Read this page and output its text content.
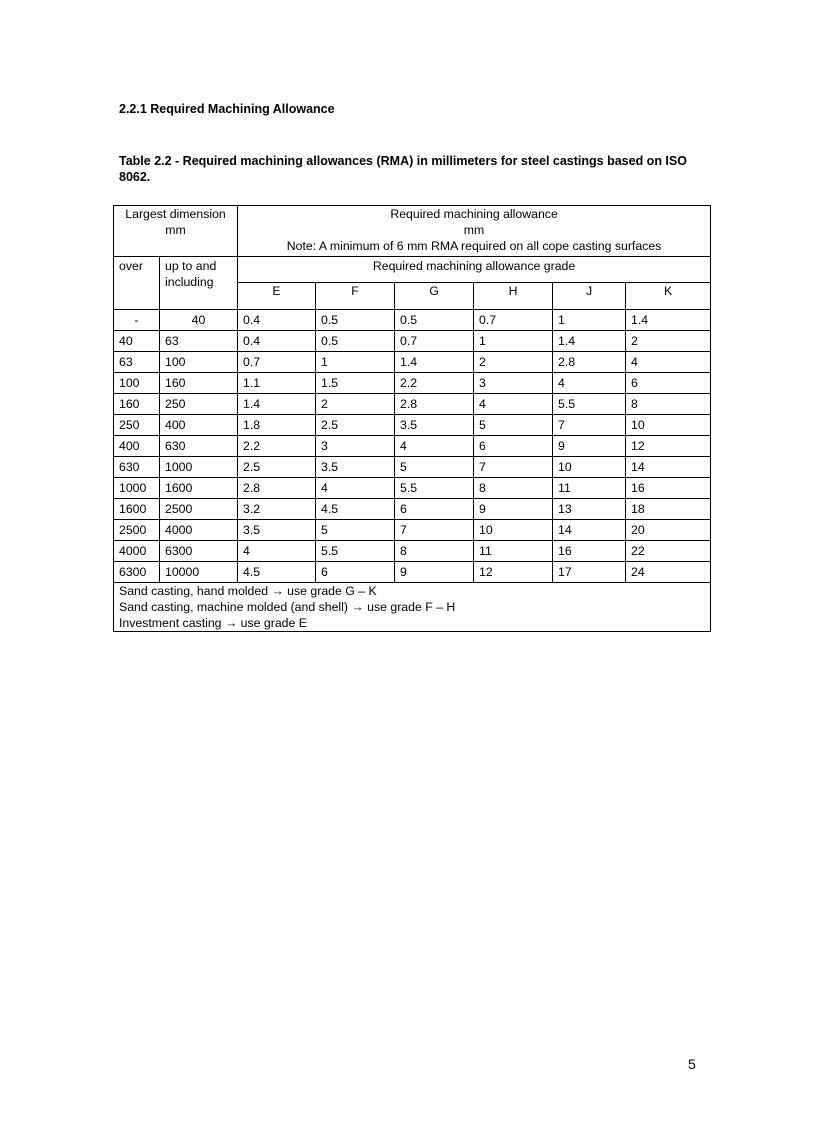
2.2.1 Required Machining Allowance

Table 2.2 - Required machining allowances (RMA) in millimeters for steel castings based on ISO 8062.

Largest dimension
mm		Required machining allowance
mm
Note: A minimum of 6 mm RMA required on all cope casting surfaces					

over	up to and including	Required machining allowance grade					
		E	F	G	H	J	K
-	40	0.4	0.5	0.5	0.7	1	1.4
40	63	0.4	0.5	0.7	1	1.4	2
63	100	0.7	1	1.4	2	2.8	4
100	160	1.1	1.5	2.2	3	4	6
160	250	1.4	2	2.8	4	5.5	8
250	400	1.8	2.5	3.5	5	7	10
400	630	2.2	3	4	6	9	12
630	1000	2.5	3.5	5	7	10	14
1000	1600	2.8	4	5.5	8	11	16
1600	2500	3.2	4.5	6	9	13	18
2500	4000	3.5	5	7	10	14	20
4000	6300	4	5.5	8	11	16	22
6300	10000	4.5	6	9	12	17	24

Sand casting, hand molded → use grade G – K
Sand casting, machine molded (and shell) → use grade F – H
Investment casting → use grade E							
5
